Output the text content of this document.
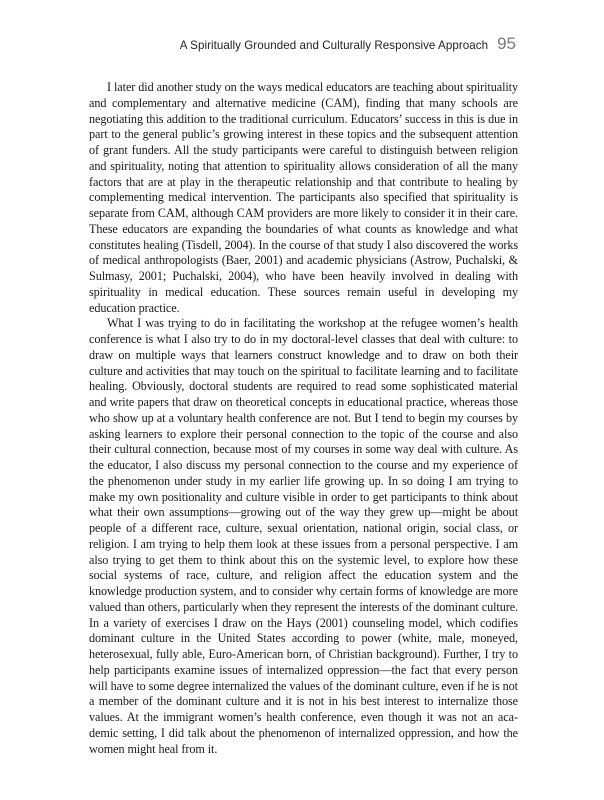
A Spiritually Grounded and Culturally Responsive Approach 95

I later did another study on the ways medical educators are teaching about spirituality and complementary and alternative medicine (CAM), finding that many schools are negotiating this addition to the traditional curriculum. Educators’ success in this is due in part to the general public’s growing interest in these topics and the subsequent attention of grant funders. All the study participants were careful to distinguish between religion and spirituality, noting that attention to spirituality allows consideration of all the many factors that are at play in the therapeutic relationship and that contribute to healing by complementing medical intervention. The participants also specified that spirituality is separate from CAM, although CAM providers are more likely to consider it in their care. These educators are expanding the boundaries of what counts as knowledge and what constitutes healing (Tisdell, 2004). In the course of that study I also discovered the works of medical anthropologists (Baer, 2001) and academic physicians (Astrow, Puchalski, & Sulmasy, 2001; Puchalski, 2004), who have been heavily involved in dealing with spirituality in medical education. These sources remain useful in developing my education practice.

What I was trying to do in facilitating the workshop at the refugee women’s health conference is what I also try to do in my doctoral-level classes that deal with culture: to draw on multiple ways that learners construct knowledge and to draw on both their culture and activities that may touch on the spiritual to facilitate learning and to facilitate healing. Obviously, doctoral students are required to read some sophisticated material and write papers that draw on theoretical concepts in educational practice, whereas those who show up at a voluntary health conference are not. But I tend to begin my courses by asking learners to explore their personal connection to the topic of the course and also their cultural connection, because most of my courses in some way deal with culture. As the educator, I also discuss my personal connection to the course and my experience of the phenomenon under study in my earlier life growing up. In so doing I am trying to make my own positionality and culture visible in order to get participants to think about what their own assumptions—growing out of the way they grew up—might be about people of a different race, culture, sexual orientation, national origin, social class, or religion. I am trying to help them look at these issues from a personal perspective. I am also trying to get them to think about this on the systemic level, to explore how these social systems of race, culture, and religion affect the education system and the knowledge production system, and to consider why certain forms of knowledge are more valued than others, particularly when they represent the interests of the dominant culture. In a variety of exercises I draw on the Hays (2001) counseling model, which codifies dominant culture in the United States according to power (white, male, moneyed, heterosexual, fully able, Euro-American born, of Christian background). Further, I try to help participants examine issues of internalized oppression—the fact that every person will have to some degree internalized the values of the dominant culture, even if he is not a member of the dominant culture and it is not in his best interest to internalize those values. At the immigrant women’s health conference, even though it was not an academic setting, I did talk about the phenomenon of internalized oppression, and how the women might heal from it.
